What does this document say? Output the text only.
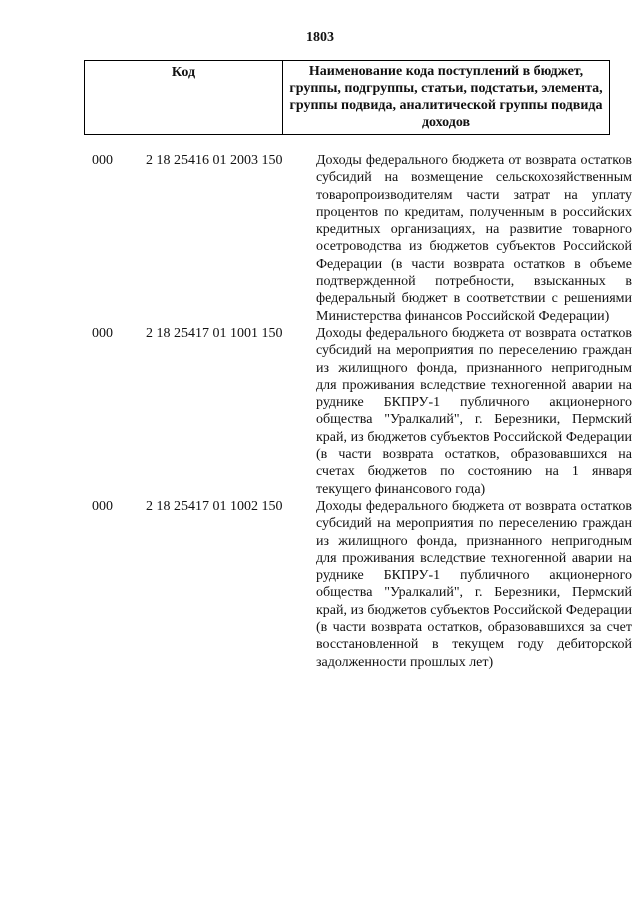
1803
Код	Наименование кода поступлений в бюджет, группы, подгруппы, статьи, подстатьи, элемента, группы подвида, аналитической группы подвида доходов
000	2 18 25416 01 2003 150	Доходы федерального бюджета от возврата остатков субсидий на возмещение сельскохозяйственным товаропроизводителям части затрат на уплату процентов по кредитам, полученным в российских кредитных организациях, на развитие товарного осетроводства из бюджетов субъектов Российской Федерации (в части возврата остатков в объеме подтвержденной потребности, взысканных в федеральный бюджет в соответствии с решениями Министерства финансов Российской Федерации)
000	2 18 25417 01 1001 150	Доходы федерального бюджета от возврата остатков субсидий на мероприятия по переселению граждан из жилищного фонда, признанного непригодным для проживания вследствие техногенной аварии на руднике БКПРУ-1 публичного акционерного общества "Уралкалий", г. Березники, Пермский край, из бюджетов субъектов Российской Федерации (в части возврата остатков, образовавшихся на счетах бюджетов по состоянию на 1 января текущего финансового года)
000	2 18 25417 01 1002 150	Доходы федерального бюджета от возврата остатков субсидий на мероприятия по переселению граждан из жилищного фонда, признанного непригодным для проживания вследствие техногенной аварии на руднике БКПРУ-1 публичного акционерного общества "Уралкалий", г. Березники, Пермский край, из бюджетов субъектов Российской Федерации (в части возврата остатков, образовавшихся за счет восстановленной в текущем году дебиторской задолженности прошлых лет)
